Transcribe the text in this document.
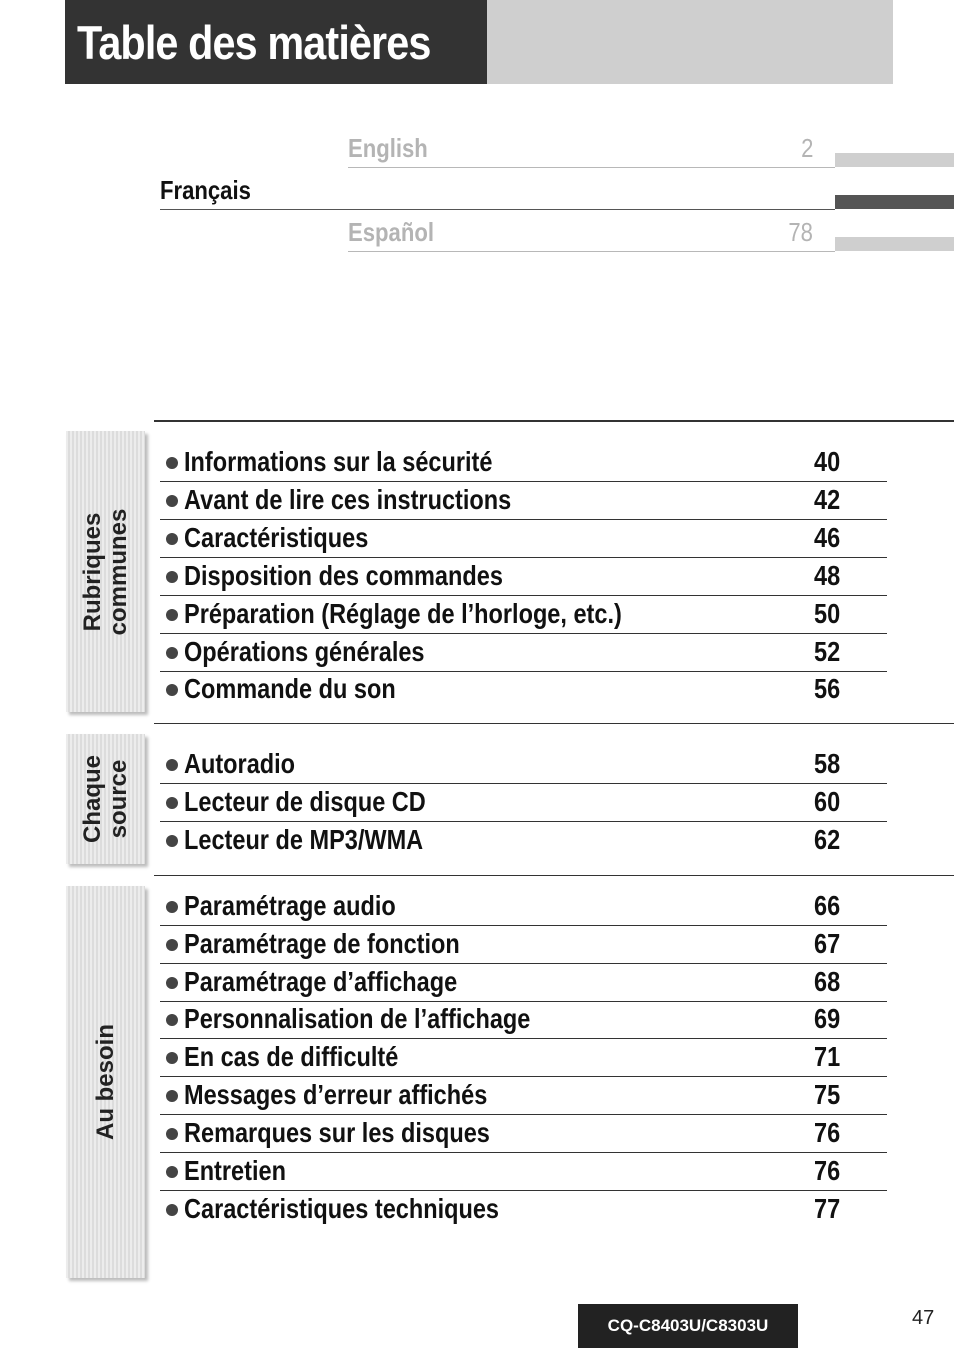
Table des matières
English	2
Français
Español	78
Rubriques communes
Chaque source
Au besoin
Informations sur la sécurité	40
Avant de lire ces instructions	42
Caractéristiques	46
Disposition des commandes	48
Préparation (Réglage de l’horloge, etc.)	50
Opérations générales	52
Commande du son	56
Autoradio	58
Lecteur de disque CD	60
Lecteur de MP3/WMA	62
Paramétrage audio	66
Paramétrage de fonction	67
Paramétrage d’affichage	68
Personnalisation de l’affichage	69
En cas de difficulté	71
Messages d’erreur affichés	75
Remarques sur les disques	76
Entretien	76
Caractéristiques techniques	77
CQ-C8403U/C8303U	47
